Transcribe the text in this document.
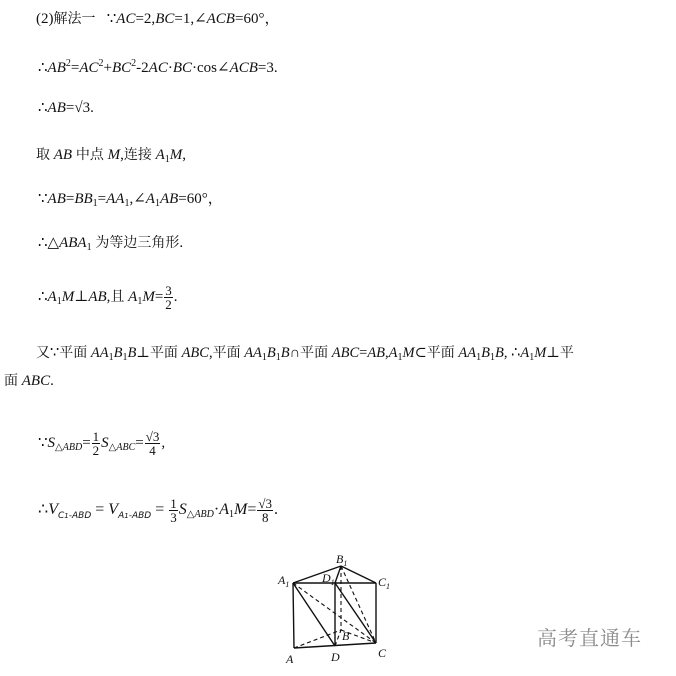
(2)解法一 ∵AC=2,BC=1,∠ACB=60°，
$\therefore AB^2=AC^2+BC^2-2AC\cdot BC\cdot\cos\angle ACB=3$.
∴AB=√3.
取 AB 中点 M,连接 $A_1M$,
$\because AB=BB_1=AA_1,\angle A_1AB=60^\circ$，
$\therefore\triangle ABA_1$ 为等边三角形.
$\therefore A_1M\perp AB$,且 $A_1M= \frac{3}{2}$ .
又∵平面 $AA_1B_1B\perp$平面 ABC,平面 $AA_1B_1B\cap$平面 $ABC=AB,A_1M\subset$平面 $AA_1B_1B$, $\therefore A_1M\perp$平
面 ABC.
$\because S_{\triangle ABD}= \frac{1}{2} S_{\triangle ABC}= \frac{√3}{4}$ ,
$\therefore V_{C1-ABD} = V_{A1-ABD} = \frac{1}{3} S_{\triangle ABD}\cdot A_1M= \frac{√3}{8}$ .
$A_1$
$B_1$
$C_1$
$D_1$
A	D	C
B	高考直通车
